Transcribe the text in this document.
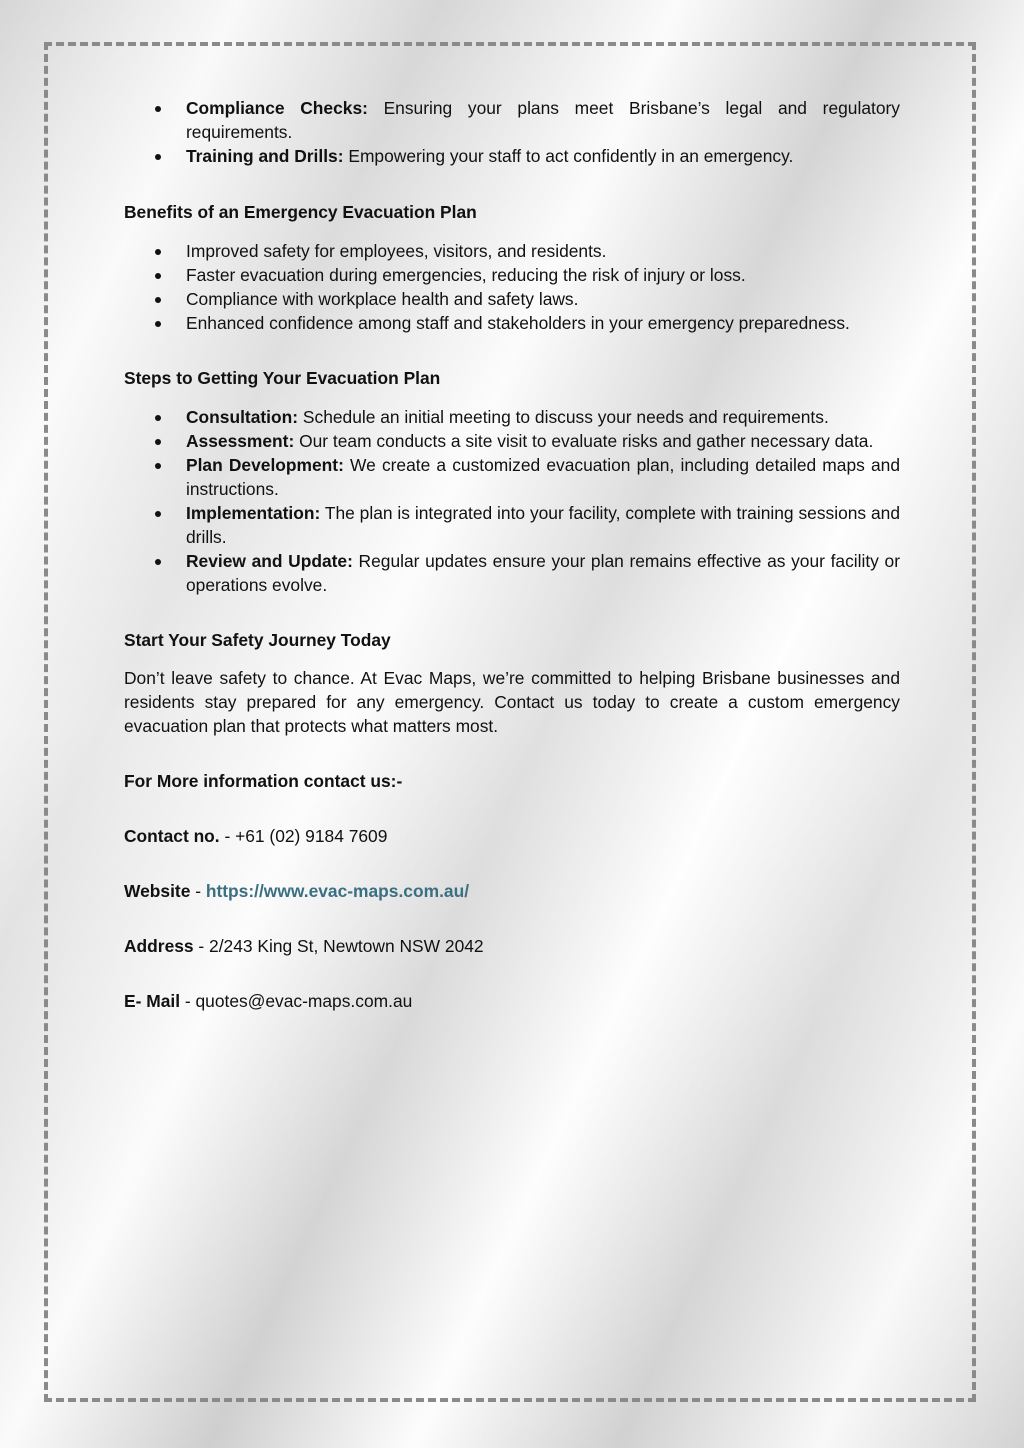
Compliance Checks: Ensuring your plans meet Brisbane’s legal and regulatory requirements.
Training and Drills: Empowering your staff to act confidently in an emergency.
Benefits of an Emergency Evacuation Plan
Improved safety for employees, visitors, and residents.
Faster evacuation during emergencies, reducing the risk of injury or loss.
Compliance with workplace health and safety laws.
Enhanced confidence among staff and stakeholders in your emergency preparedness.
Steps to Getting Your Evacuation Plan
Consultation: Schedule an initial meeting to discuss your needs and requirements.
Assessment: Our team conducts a site visit to evaluate risks and gather necessary data.
Plan Development: We create a customized evacuation plan, including detailed maps and instructions.
Implementation: The plan is integrated into your facility, complete with training sessions and drills.
Review and Update: Regular updates ensure your plan remains effective as your facility or operations evolve.
Start Your Safety Journey Today

Don’t leave safety to chance. At Evac Maps, we’re committed to helping Brisbane businesses and residents stay prepared for any emergency. Contact us today to create a custom emergency evacuation plan that protects what matters most.

For More information contact us:-

Contact no. - +61 (02) 9184 7609

Website - https://www.evac-maps.com.au/

Address - 2/243 King St, Newtown NSW 2042

E- Mail - quotes@evac-maps.com.au
